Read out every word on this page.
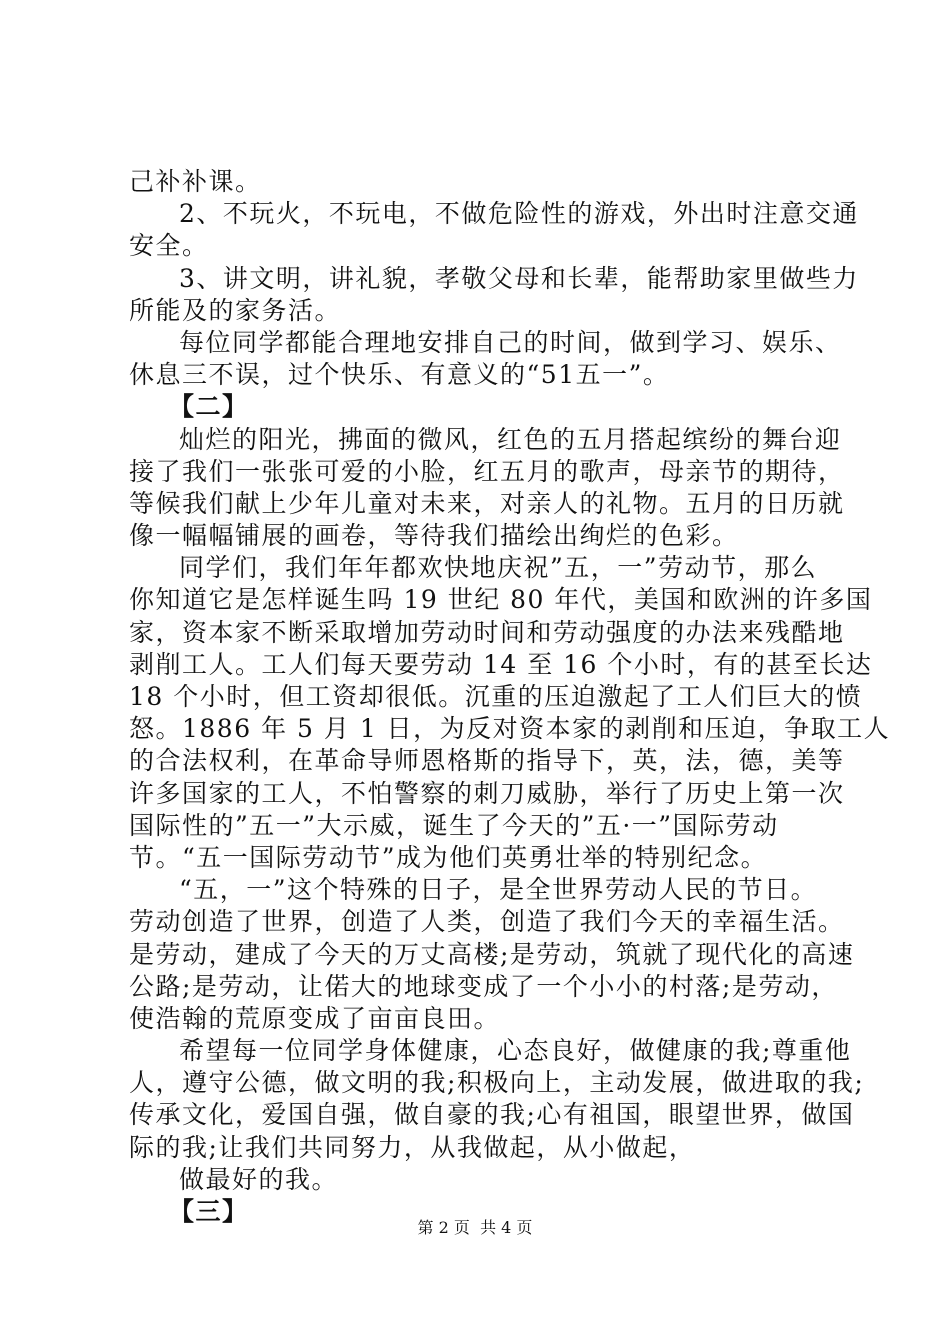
己补补课。
2、不玩火，不玩电，不做危险性的游戏，外出时注意交通
安全。
3、讲文明，讲礼貌，孝敬父母和长辈，能帮助家里做些力
所能及的家务活。
每位同学都能合理地安排自己的时间，做到学习、娱乐、
休息三不误，过个快乐、有意义的“51五一”。
【二】
灿烂的阳光，拂面的微风，红色的五月搭起缤纷的舞台迎
接了我们一张张可爱的小脸，红五月的歌声，母亲节的期待，
等候我们献上少年儿童对未来，对亲人的礼物。五月的日历就
像一幅幅铺展的画卷，等待我们描绘出绚烂的色彩。
同学们，我们年年都欢快地庆祝”五，一”劳动节，那么
你知道它是怎样诞生吗 19 世纪 80 年代，美国和欧洲的许多国
家，资本家不断采取增加劳动时间和劳动强度的办法来残酷地
剥削工人。工人们每天要劳动 14 至 16 个小时，有的甚至长达
18 个小时，但工资却很低。沉重的压迫激起了工人们巨大的愤
怒。1886 年 5 月 1 日，为反对资本家的剥削和压迫，争取工人
的合法权利，在革命导师恩格斯的指导下，英，法，德，美等
许多国家的工人，不怕警察的刺刀威胁，举行了历史上第一次
国际性的”五一”大示威，诞生了今天的”五·一”国际劳动
节。“五一国际劳动节”成为他们英勇壮举的特别纪念。
“五，一”这个特殊的日子，是全世界劳动人民的节日。
劳动创造了世界，创造了人类，创造了我们今天的幸福生活。
是劳动，建成了今天的万丈高楼;是劳动，筑就了现代化的高速
公路;是劳动，让偌大的地球变成了一个小小的村落;是劳动，
使浩翰的荒原变成了亩亩良田。
希望每一位同学身体健康，心态良好，做健康的我;尊重他
人，遵守公德，做文明的我;积极向上，主动发展，做进取的我;
传承文化，爱国自强，做自豪的我;心有祖国，眼望世界，做国
际的我;让我们共同努力，从我做起，从小做起，
做最好的我。
【三】
第 2 页  共 4 页
